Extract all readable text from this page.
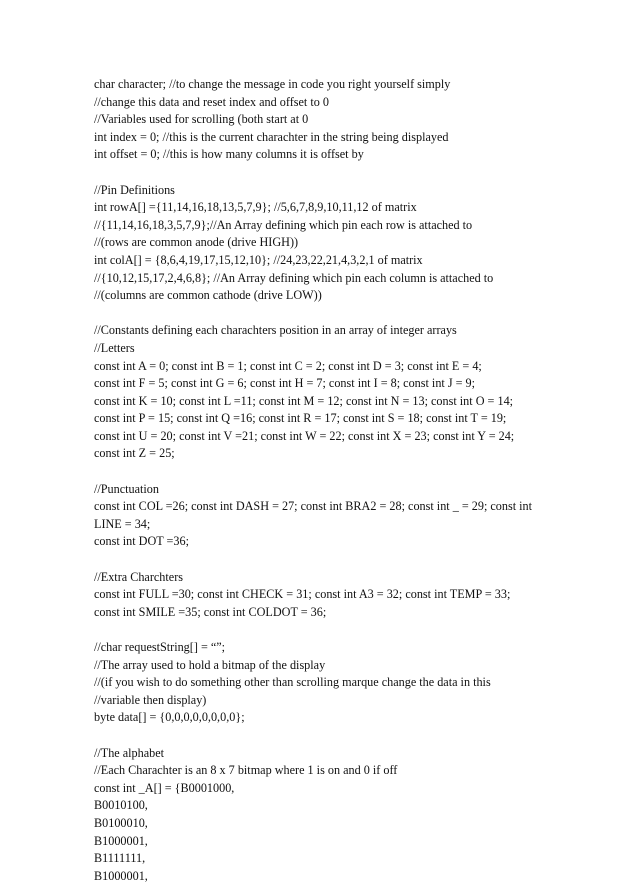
char character; //to change the message in code you right yourself simply
//change this data and reset index and offset to 0
//Variables used for scrolling (both start at 0
int index = 0; //this is the current charachter in the string being displayed
int offset = 0; //this is how many columns it is offset by
//Pin Definitions
int rowA[] ={11,14,16,18,13,5,7,9}; //5,6,7,8,9,10,11,12 of matrix
//{11,14,16,18,3,5,7,9};//An Array defining which pin each row is attached to
//(rows are common anode (drive HIGH))
int colA[] = {8,6,4,19,17,15,12,10}; //24,23,22,21,4,3,2,1 of matrix
//{10,12,15,17,2,4,6,8}; //An Array defining which pin each column is attached to
//(columns are common cathode (drive LOW))
//Constants defining each charachters position in an array of integer arrays
//Letters
const int A = 0; const int B = 1; const int C = 2; const int D = 3; const int E = 4;
const int F = 5; const int G = 6; const int H = 7; const int I = 8; const int J = 9;
const int K = 10; const int L =11; const int M = 12; const int N = 13; const int O = 14;
const int P = 15; const int Q =16; const int R = 17; const int S = 18; const int T = 19;
const int U = 20; const int V =21; const int W = 22; const int X = 23; const int Y = 24;
const int Z = 25;
//Punctuation
const int COL =26; const int DASH = 27; const int BRA2 = 28; const int _ = 29; const int
LINE = 34;
const int DOT =36;
//Extra Charchters
const int FULL =30; const int CHECK = 31; const int A3 = 32; const int TEMP = 33;
const int SMILE =35; const int COLDOT = 36;
//char requestString[] = “”;
//The array used to hold a bitmap of the display
//(if you wish to do something other than scrolling marque change the data in this
//variable then display)
byte data[] = {0,0,0,0,0,0,0,0};
//The alphabet
//Each Charachter is an 8 x 7 bitmap where 1 is on and 0 if off
const int _A[] = {B0001000,
B0010100,
B0100010,
B1000001,
B1111111,
B1000001,
